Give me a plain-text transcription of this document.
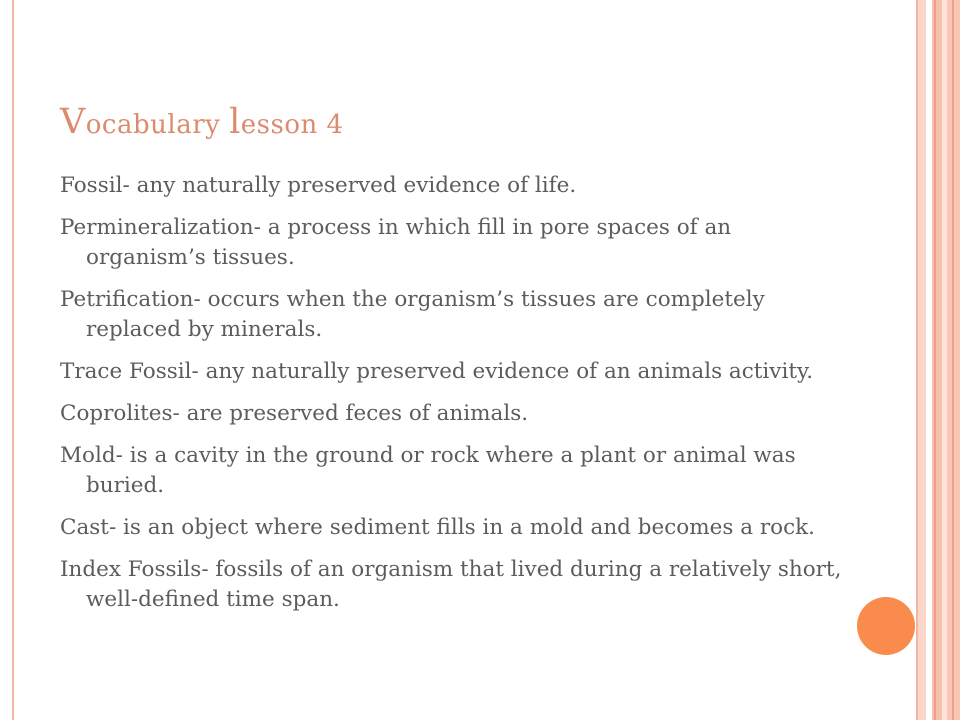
Vocabulary lesson 4
Fossil- any naturally preserved evidence of life.
Permineralization- a process in which fill in pore spaces of an organism’s tissues.
Petrification- occurs when the organism’s tissues are completely replaced by minerals.
Trace Fossil- any naturally preserved evidence of an animals activity.
Coprolites- are preserved feces of animals.
Mold- is a cavity in the ground or rock where a plant or animal was buried.
Cast- is an object where sediment fills in a mold and becomes a rock.
Index Fossils- fossils of an organism that lived during a relatively short, well-defined time span.
